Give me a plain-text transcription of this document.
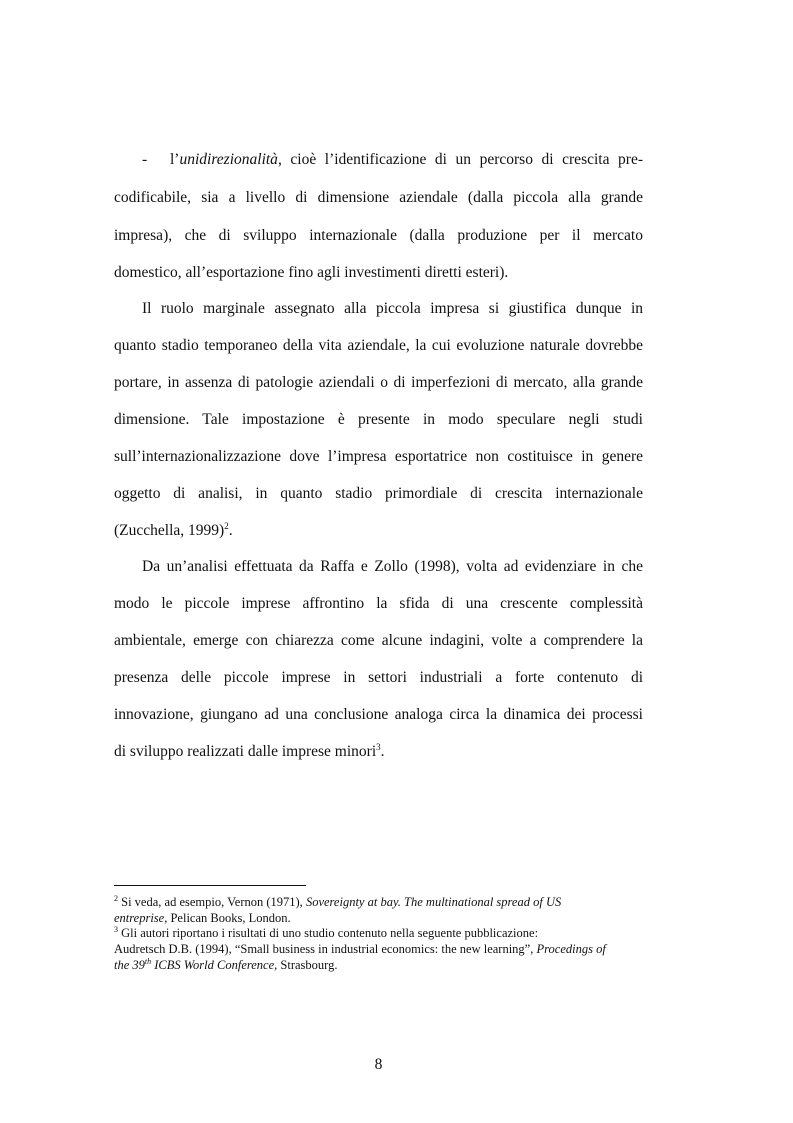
- l’unidirezionalità, cioè l’identificazione di un percorso di crescita pre-
codificabile, sia a livello di dimensione aziendale (dalla piccola alla grande
impresa), che di sviluppo internazionale (dalla produzione per il mercato
domestico, all’esportazione fino agli investimenti diretti esteri).
Il ruolo marginale assegnato alla piccola impresa si giustifica dunque in
quanto stadio temporaneo della vita aziendale, la cui evoluzione naturale dovrebbe
portare, in assenza di patologie aziendali o di imperfezioni di mercato, alla grande
dimensione. Tale impostazione è presente in modo speculare negli studi
sull’internazionalizzazione dove l’impresa esportatrice non costituisce in genere
oggetto di analisi, in quanto stadio primordiale di crescita internazionale
(Zucchella, 1999)$^2$.
Da un’analisi effettuata da Raffa e Zollo (1998), volta ad evidenziare in che
modo le piccole imprese affrontino la sfida di una crescente complessità
ambientale, emerge con chiarezza come alcune indagini, volte a comprendere la
presenza delle piccole imprese in settori industriali a forte contenuto di
innovazione, giungano ad una conclusione analoga circa la dinamica dei processi
di sviluppo realizzati dalle imprese minori$^3$.
$^2$ Si veda, ad esempio, Vernon (1971), Sovereignty at bay. The multinational spread of US
entreprise, Pelican Books, London.
$^3$ Gli autori riportano i risultati di uno studio contenuto nella seguente pubblicazione:
Audretsch D.B. (1994), “Small business in industrial economics: the new learning”, Procedings of
the 39th ICBS World Conference, Strasbourg.
8
